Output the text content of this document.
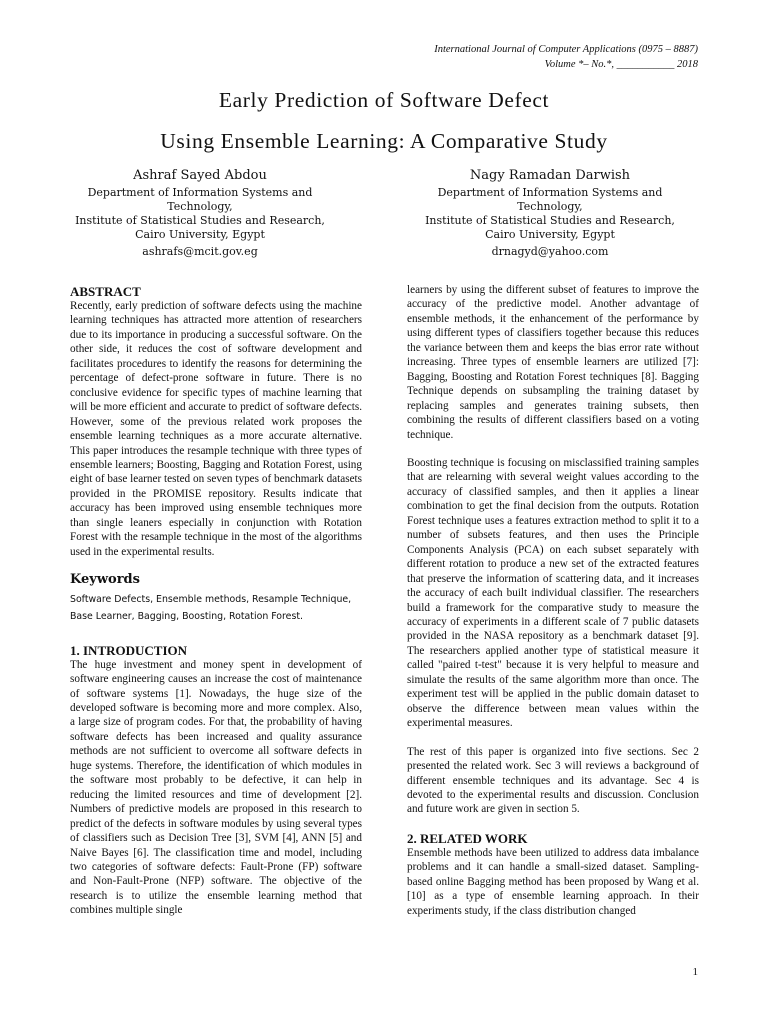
International Journal of Computer Applications (0975 – 8887)
Volume *– No.*, ___________ 2018
Early Prediction of Software Defect
Using Ensemble Learning: A Comparative Study
Ashraf Sayed Abdou
Department of Information Systems and Technology,
Institute of Statistical Studies and Research,
Cairo University, Egypt
ashrafs@mcit.gov.eg
Nagy Ramadan Darwish
Department of Information Systems and Technology,
Institute of Statistical Studies and Research,
Cairo University, Egypt
drnagyd@yahoo.com
ABSTRACT

Recently, early prediction of software defects using the machine learning techniques has attracted more attention of researchers due to its importance in producing a successful software. On the other side, it reduces the cost of software development and facilitates procedures to identify the reasons for determining the percentage of defect-prone software in future. There is no conclusive evidence for specific types of machine learning that will be more efficient and accurate to predict of software defects. However, some of the previous related work proposes the ensemble learning techniques as a more accurate alternative. This paper introduces the resample technique with three types of ensemble learners; Boosting, Bagging and Rotation Forest, using eight of base learner tested on seven types of benchmark datasets provided in the PROMISE repository. Results indicate that accuracy has been improved using ensemble techniques more than single leaners especially in conjunction with Rotation Forest with the resample technique in the most of the algorithms used in the experimental results.

Keywords
Software Defects, Ensemble methods, Resample Technique, Base Learner, Bagging, Boosting, Rotation Forest.
1. INTRODUCTION

The huge investment and money spent in development of software engineering causes an increase the cost of maintenance of software systems [1]. Nowadays, the huge size of the developed software is becoming more and more complex. Also, a large size of program codes. For that, the probability of having software defects has been increased and quality assurance methods are not sufficient to overcome all software defects in huge systems. Therefore, the identification of which modules in the software most probably to be defective, it can help in reducing the limited resources and time of development [2]. Numbers of predictive models are proposed in this research to predict of the defects in software modules by using several types of classifiers such as Decision Tree [3], SVM [4], ANN [5] and Naive Bayes [6]. The classification time and model, including two categories of software defects: Fault-Prone (FP) software and Non-Fault-Prone (NFP) software. The objective of the research is to utilize the ensemble learning method that combines multiple single

learners by using the different subset of features to improve the accuracy of the predictive model. Another advantage of ensemble methods, it the enhancement of the performance by using different types of classifiers together because this reduces the variance between them and keeps the bias error rate without increasing. Three types of ensemble learners are utilized [7]: Bagging, Boosting and Rotation Forest techniques [8]. Bagging Technique depends on subsampling the training dataset by replacing samples and generates training subsets, then combining the results of different classifiers based on a voting technique.

Boosting technique is focusing on misclassified training samples that are relearning with several weight values according to the accuracy of classified samples, and then it applies a linear combination to get the final decision from the outputs. Rotation Forest technique uses a features extraction method to split it to a number of subsets features, and then uses the Principle Components Analysis (PCA) on each subset separately with different rotation to produce a new set of the extracted features that preserve the information of scattering data, and it increases the accuracy of each built individual classifier. The researchers build a framework for the comparative study to measure the accuracy of experiments in a different scale of 7 public datasets provided in the NASA repository as a benchmark dataset [9]. The researchers applied another type of statistical measure it called "paired t-test" because it is very helpful to measure and simulate the results of the same algorithm more than once. The experiment test will be applied in the public domain dataset to observe the difference between mean values within the experimental measures.

The rest of this paper is organized into five sections. Sec 2 presented the related work. Sec 3 will reviews a background of different ensemble techniques and its advantage. Sec 4 is devoted to the experimental results and discussion. Conclusion and future work are given in section 5.

2. RELATED WORK

Ensemble methods have been utilized to address data imbalance problems and it can handle a small-sized dataset. Sampling-based online Bagging method has been proposed by Wang et al. [10] as a type of ensemble learning approach. In their experiments study, if the class distribution changed

1
